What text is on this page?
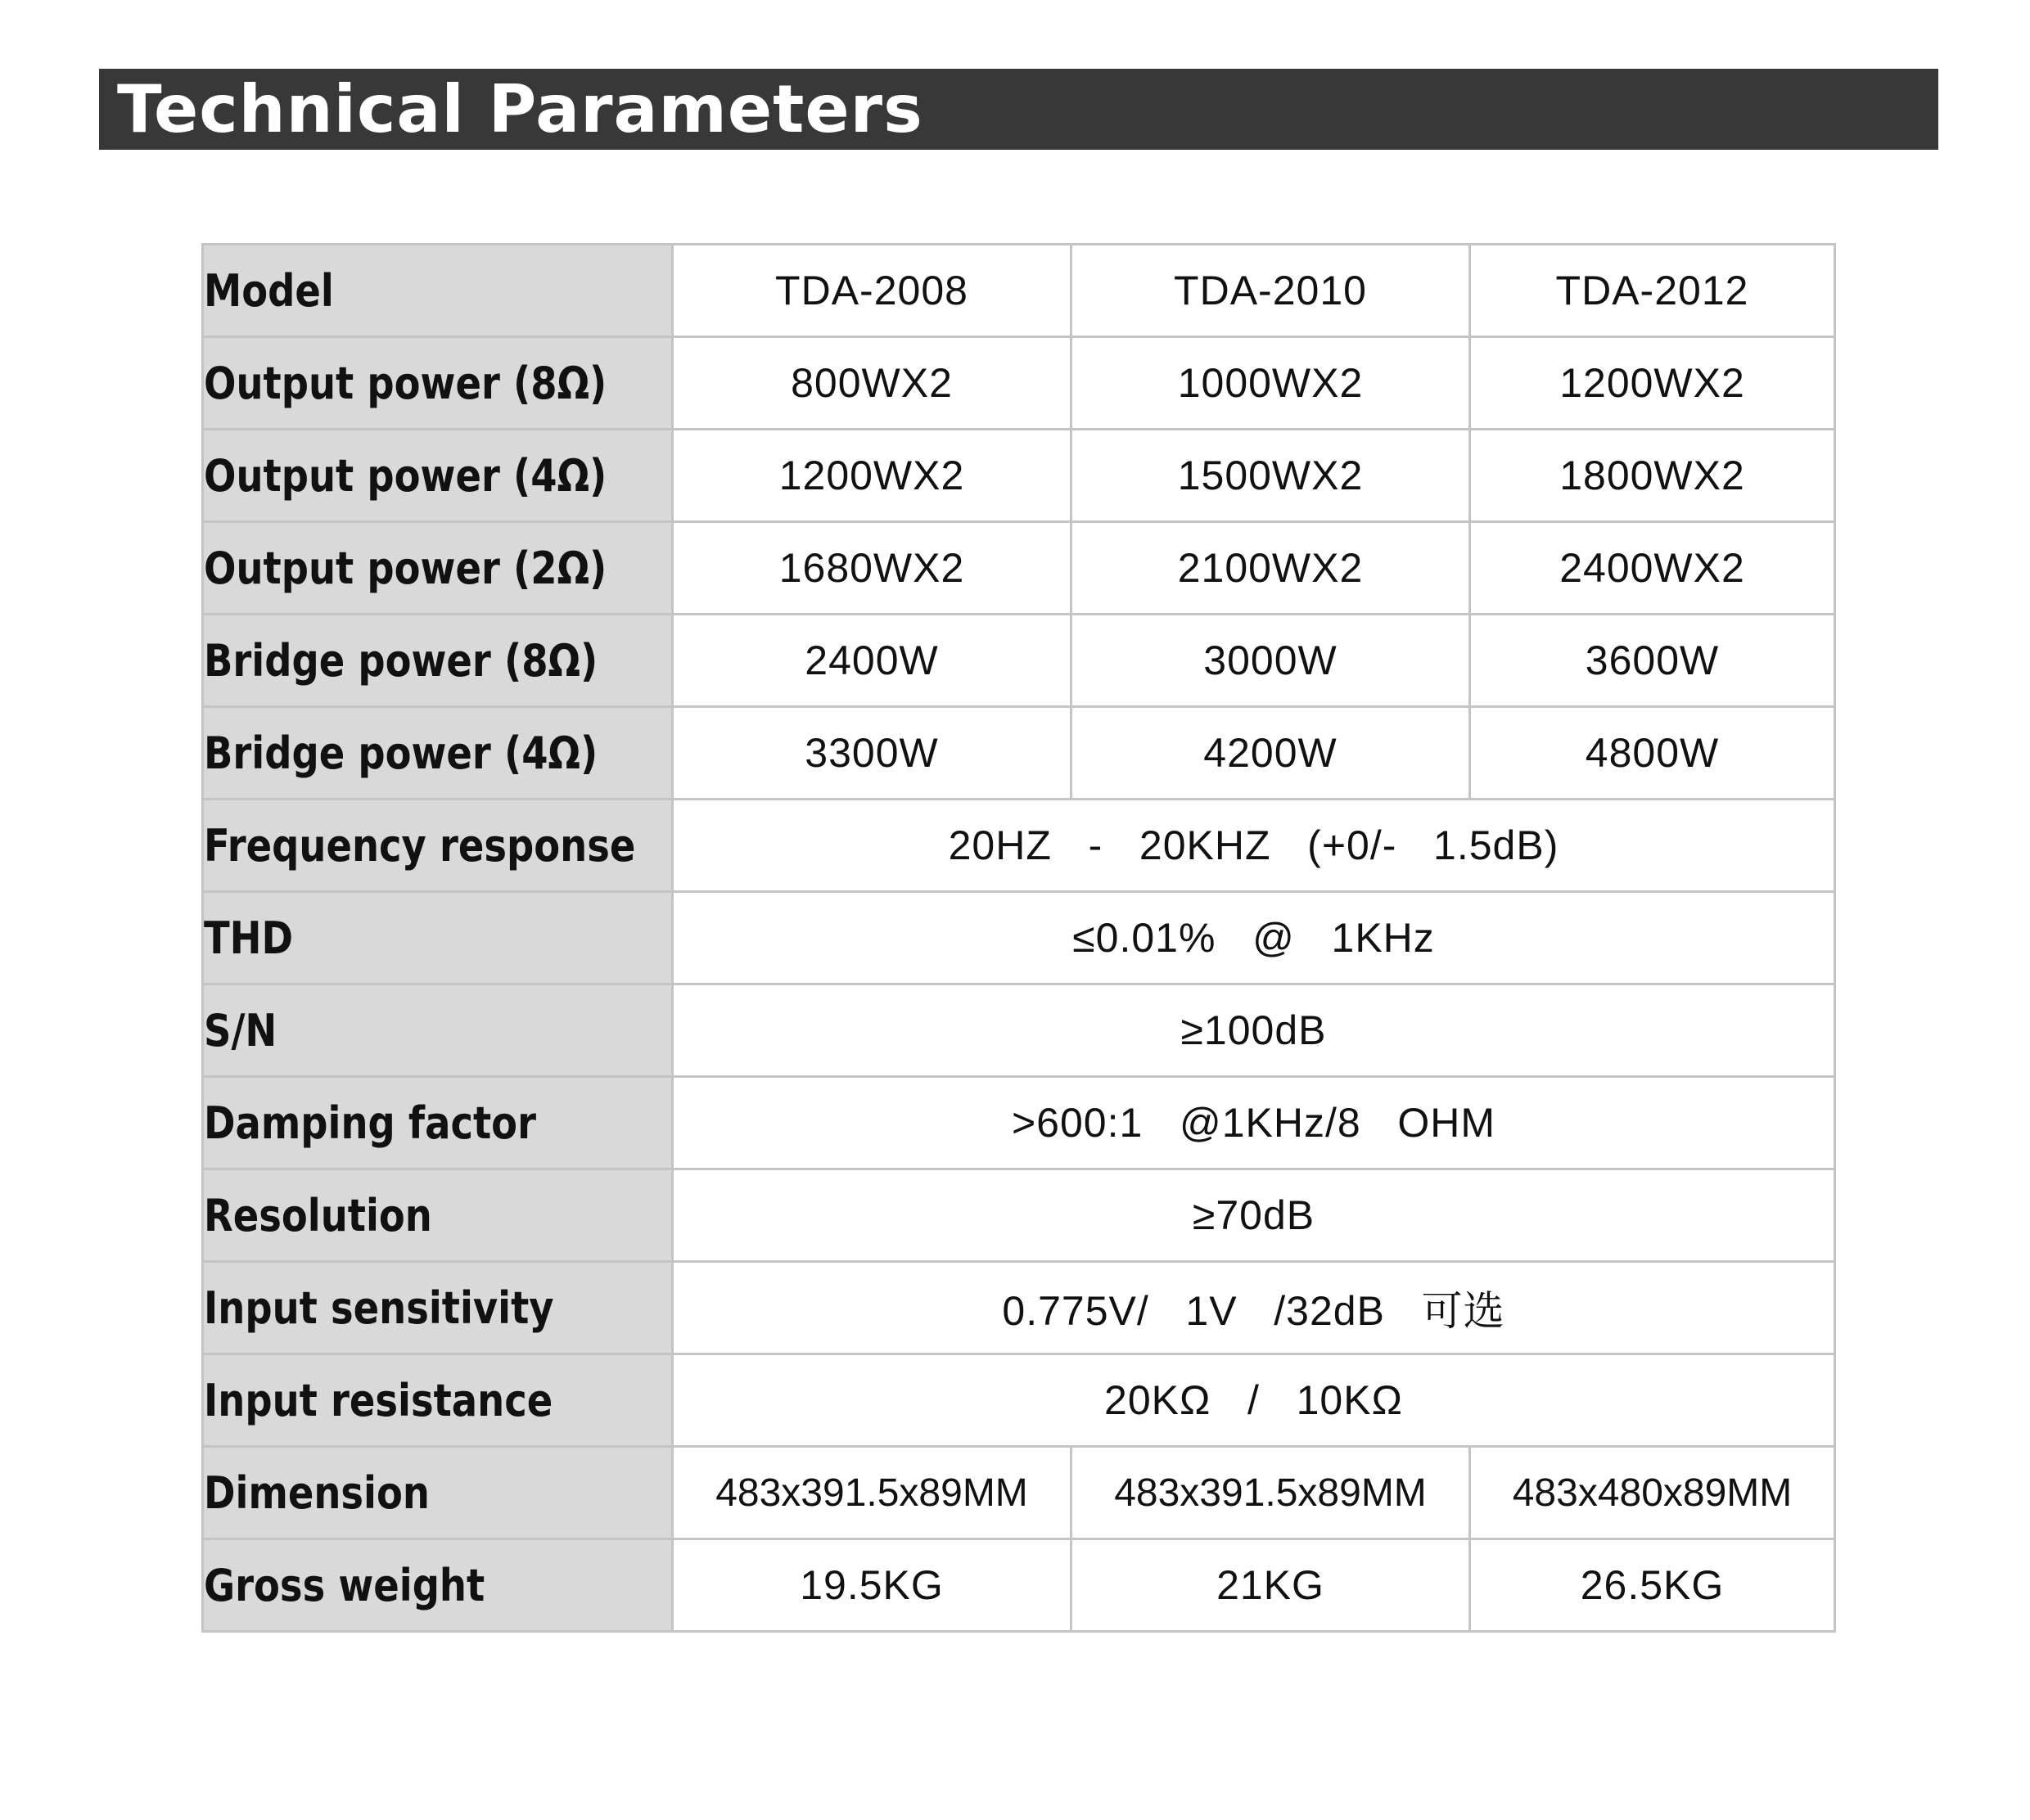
Technical Parameters
Model	TDA-2008	TDA-2010	TDA-2012
Output power (8Ω)	800WX2	1000WX2	1200WX2
Output power (4Ω)	1200WX2	1500WX2	1800WX2
Output power (2Ω)	1680WX2	2100WX2	2400WX2
Bridge power (8Ω)	2400W	3000W	3600W
Bridge power (4Ω)	3300W	4200W	4800W
Frequency response	20HZ   -   20KHZ   (+0/-   1.5dB)		
THD	≤0.01%   @   1KHz		
S/N	≥100dB		
Damping factor	>600:1   @1KHz/8   OHM		
Resolution	≥70dB		
Input sensitivity	0.775V/   1V   /32dB   可选		
Input resistance	20KΩ   /   10KΩ		
Dimension	483x391.5x89MM	483x391.5x89MM	483x480x89MM
Gross weight	19.5KG	21KG	26.5KG
